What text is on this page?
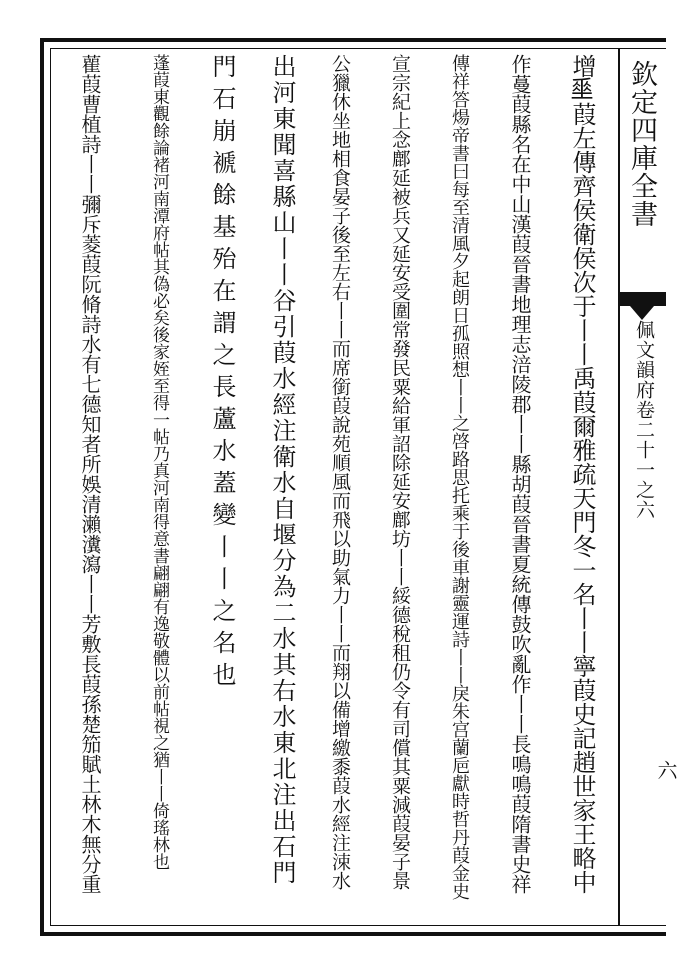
欽定四庫全書
佩文韻府卷二十一之六
六
增𡍮葭左傳齊侯衛侯次于丨丨禹葭爾雅疏天門冬一名丨丨寧葭史記趙世家王略中
作蔓葭縣名在中山漢葭晉書地理志涪陵郡丨丨縣胡葭晉書夏統傳鼓吹亂作丨丨長鳴鳴葭隋書史祥
傳祥答煬帝書曰每至清風夕起朗日孤照想丨丨之啓路思托乘于後車謝靈運詩丨丨戾朱宫蘭巵獻時哲丹葭金史
宣宗紀上念鄜延被兵又延安受圍常發民粟給軍詔除延安鄜坊丨丨綏德稅租仍令有司償其粟減葭晏子景
公獵休坐地相食晏子後至左右丨丨而席銜葭說苑順風而飛以助氣力丨丨而翔以備增繳黍葭水經注涑水
出河東聞喜縣山丨丨谷引葭水經注衛水自堰分為二水其右水東北注出石門
門石崩褫餘基殆在謂之長蘆水蓋變丨丨之名也
蓬葭東觀餘論褚河南潭府帖其偽必矣後家姪至得一帖乃真河南得意書翩翩有逸敬體以前帖視之猶丨丨倚瑤林也
雚葭曹植詩丨丨彌斥菱葭阮脩詩水有七德知者所娛清瀨瀵瀉丨丨芳敷長葭孫楚笳賦土林木無分重
